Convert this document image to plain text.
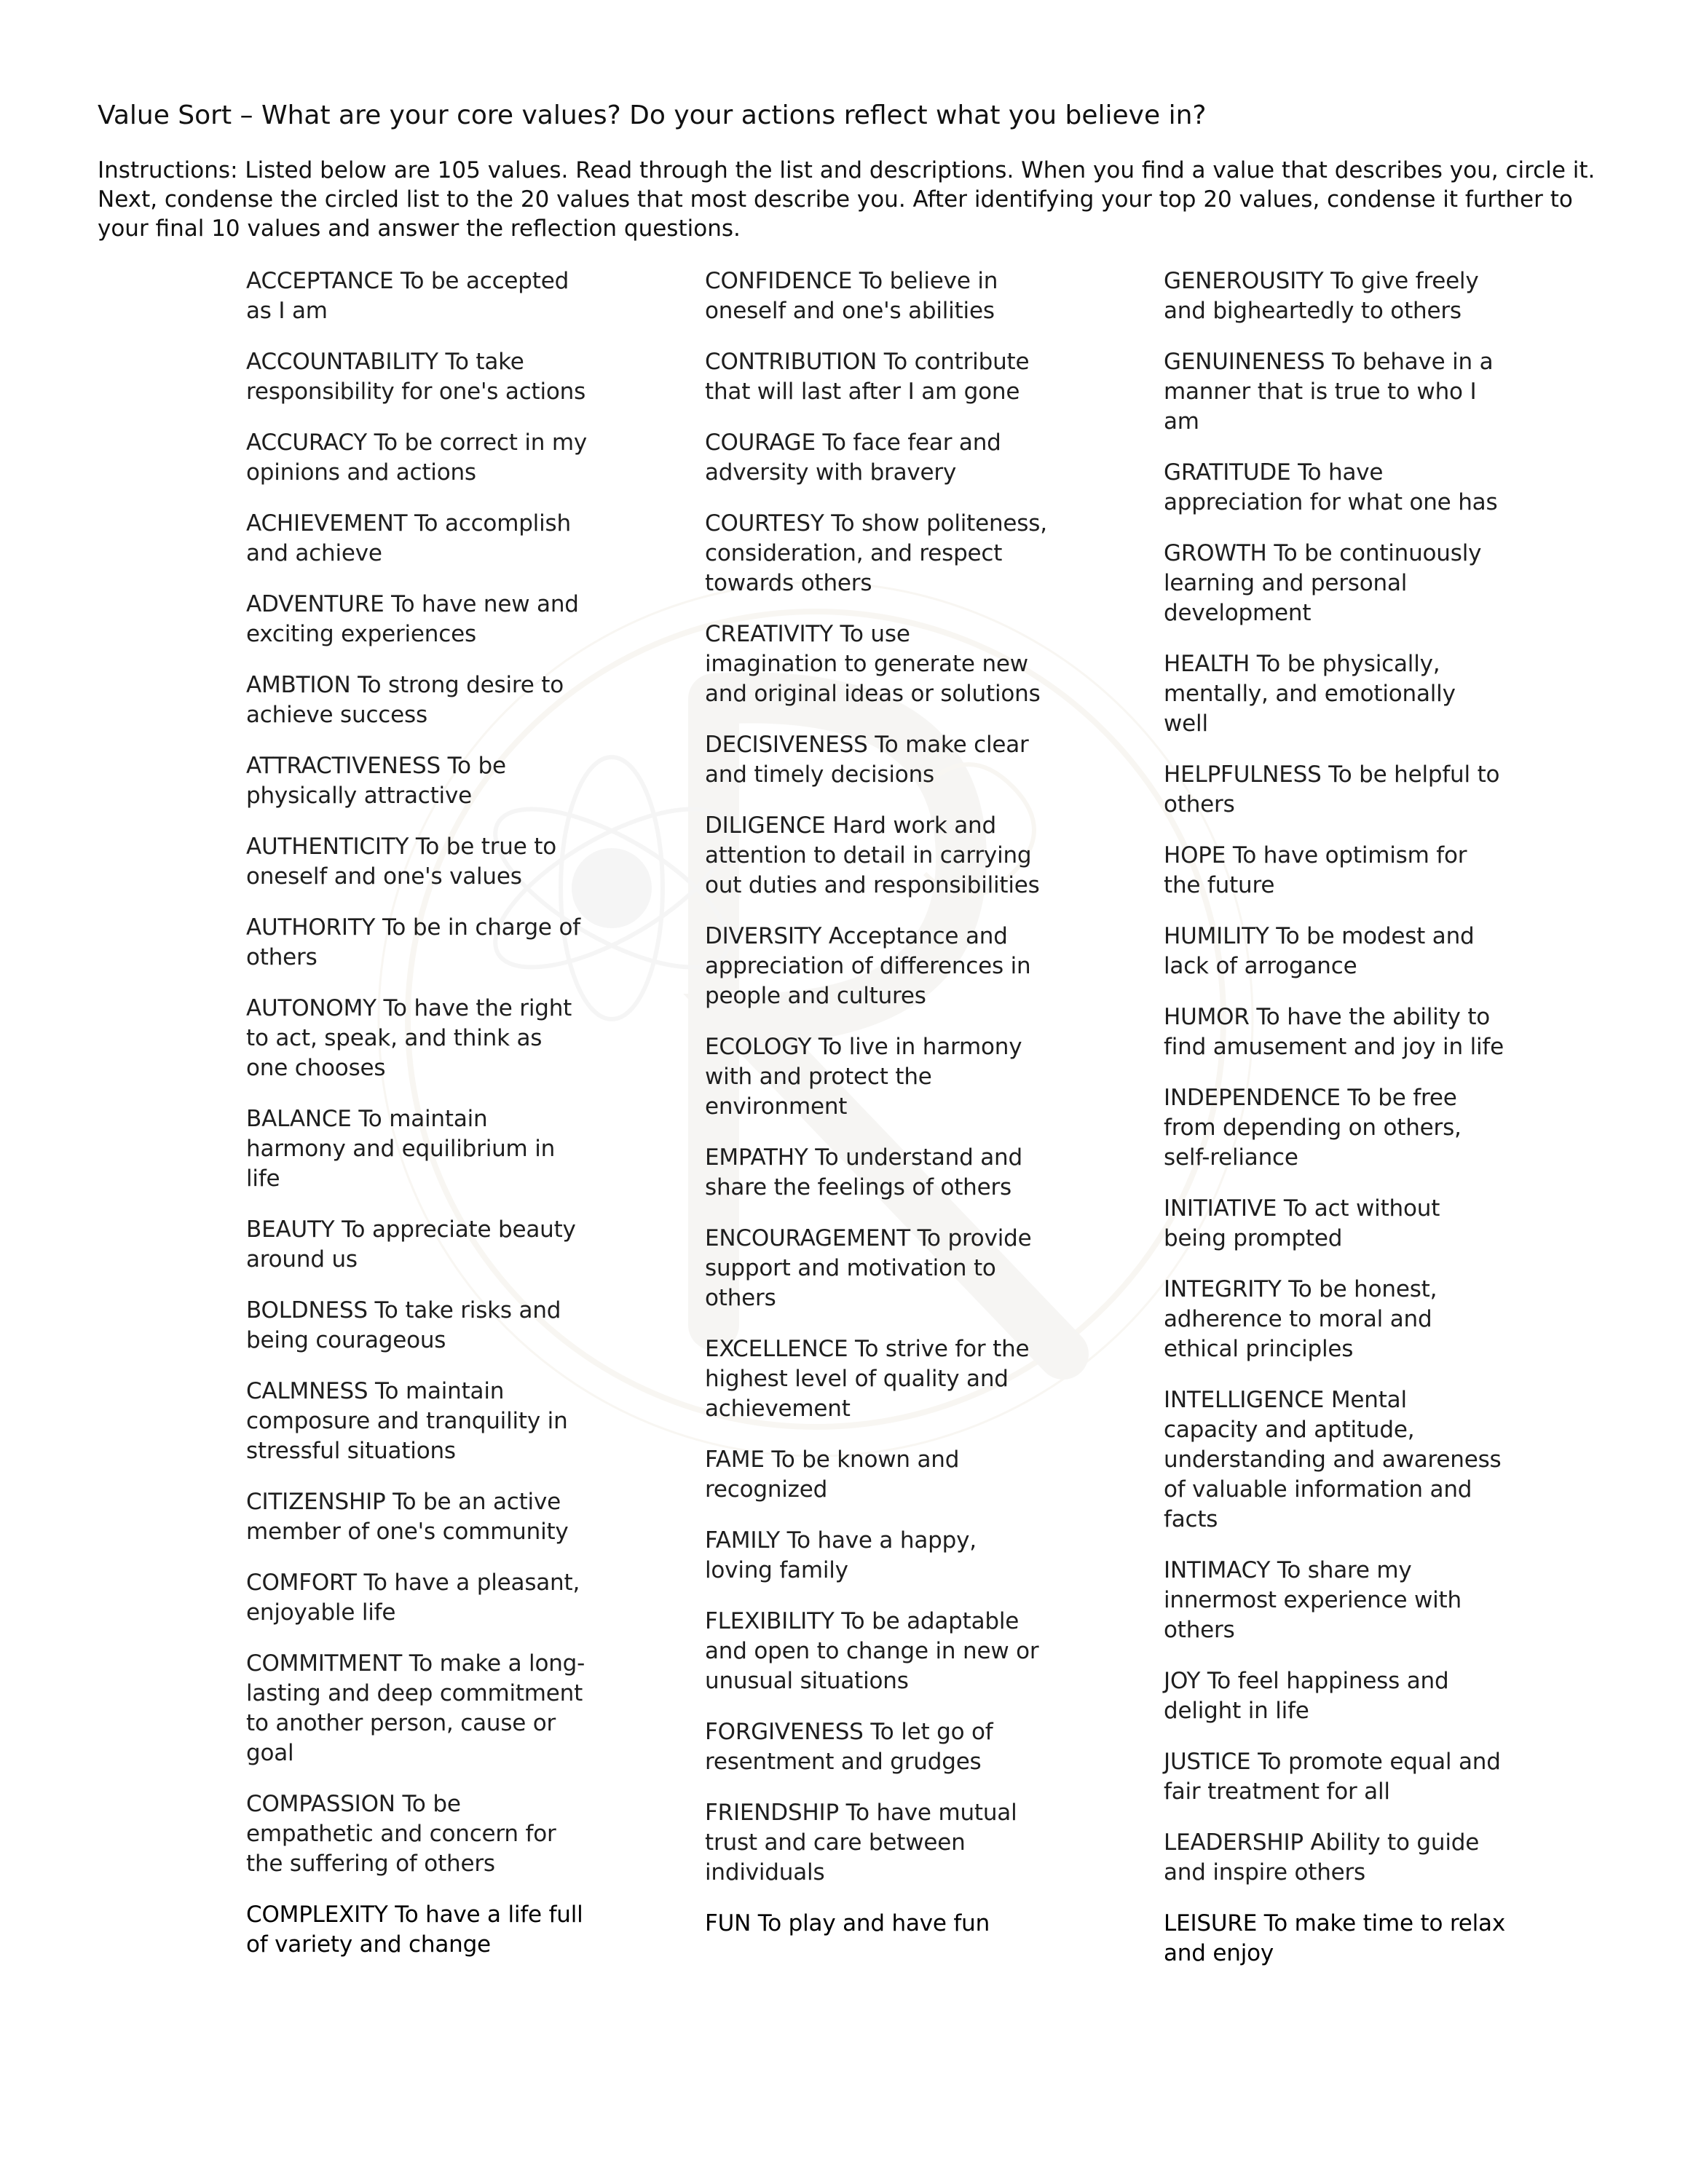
Value Sort – What are your core values? Do your actions reflect what you believe in?
Instructions: Listed below are 105 values. Read through the list and descriptions. When you find a value that describes you, circle it. Next, condense the circled list to the 20 values that most describe you. After identifying your top 20 values, condense it further to your final 10 values and answer the reflection questions.
ACCEPTANCE To be accepted as I am
ACCOUNTABILITY To take responsibility for one's actions
ACCURACY To be correct in my opinions and actions
ACHIEVEMENT To accomplish and achieve
ADVENTURE To have new and exciting experiences
AMBTION To strong desire to achieve success
ATTRACTIVENESS To be physically attractive
AUTHENTICITY To be true to oneself and one's values
AUTHORITY To be in charge of others
AUTONOMY To have the right to act, speak, and think as one chooses
BALANCE To maintain harmony and equilibrium in life
BEAUTY To appreciate beauty around us
BOLDNESS To take risks and being courageous
CALMNESS To maintain composure and tranquility in stressful situations
CITIZENSHIP To be an active member of one's community
COMFORT To have a pleasant, enjoyable life
COMMITMENT To make a long-lasting and deep commitment to another person, cause or goal
COMPASSION To be empathetic and concern for the suffering of others
COMPLEXITY To have a life full of variety and change
CONFIDENCE To believe in oneself and one's abilities
CONTRIBUTION To contribute that will last after I am gone
COURAGE To face fear and adversity with bravery
COURTESY To show politeness, consideration, and respect towards others
CREATIVITY To use imagination to generate new and original ideas or solutions
DECISIVENESS To make clear and timely decisions
DILIGENCE Hard work and attention to detail in carrying out duties and responsibilities
DIVERSITY Acceptance and appreciation of differences in people and cultures
ECOLOGY To live in harmony with and protect the environment
EMPATHY To understand and share the feelings of others
ENCOURAGEMENT To provide support and motivation to others
EXCELLENCE To strive for the highest level of quality and achievement
FAME To be known and recognized
FAMILY To have a happy, loving family
FLEXIBILITY To be adaptable and open to change in new or unusual situations
FORGIVENESS To let go of resentment and grudges
FRIENDSHIP To have mutual trust and care between individuals
FUN To play and have fun
GENEROUSITY To give freely and bigheartedly to others
GENUINENESS To behave in a manner that is true to who I am
GRATITUDE To have appreciation for what one has
GROWTH To be continuously learning and personal development
HEALTH To be physically, mentally, and emotionally well
HELPFULNESS To be helpful to others
HOPE To have optimism for the future
HUMILITY To be modest and lack of arrogance
HUMOR To have the ability to find amusement and joy in life
INDEPENDENCE To be free from depending on others, self-reliance
INITIATIVE To act without being prompted
INTEGRITY To be honest, adherence to moral and ethical principles
INTELLIGENCE Mental capacity and aptitude, understanding and awareness of valuable information and facts
INTIMACY To share my innermost experience with others
JOY To feel happiness and delight in life
JUSTICE To promote equal and fair treatment for all
LEADERSHIP Ability to guide and inspire others
LEISURE To make time to relax and enjoy
